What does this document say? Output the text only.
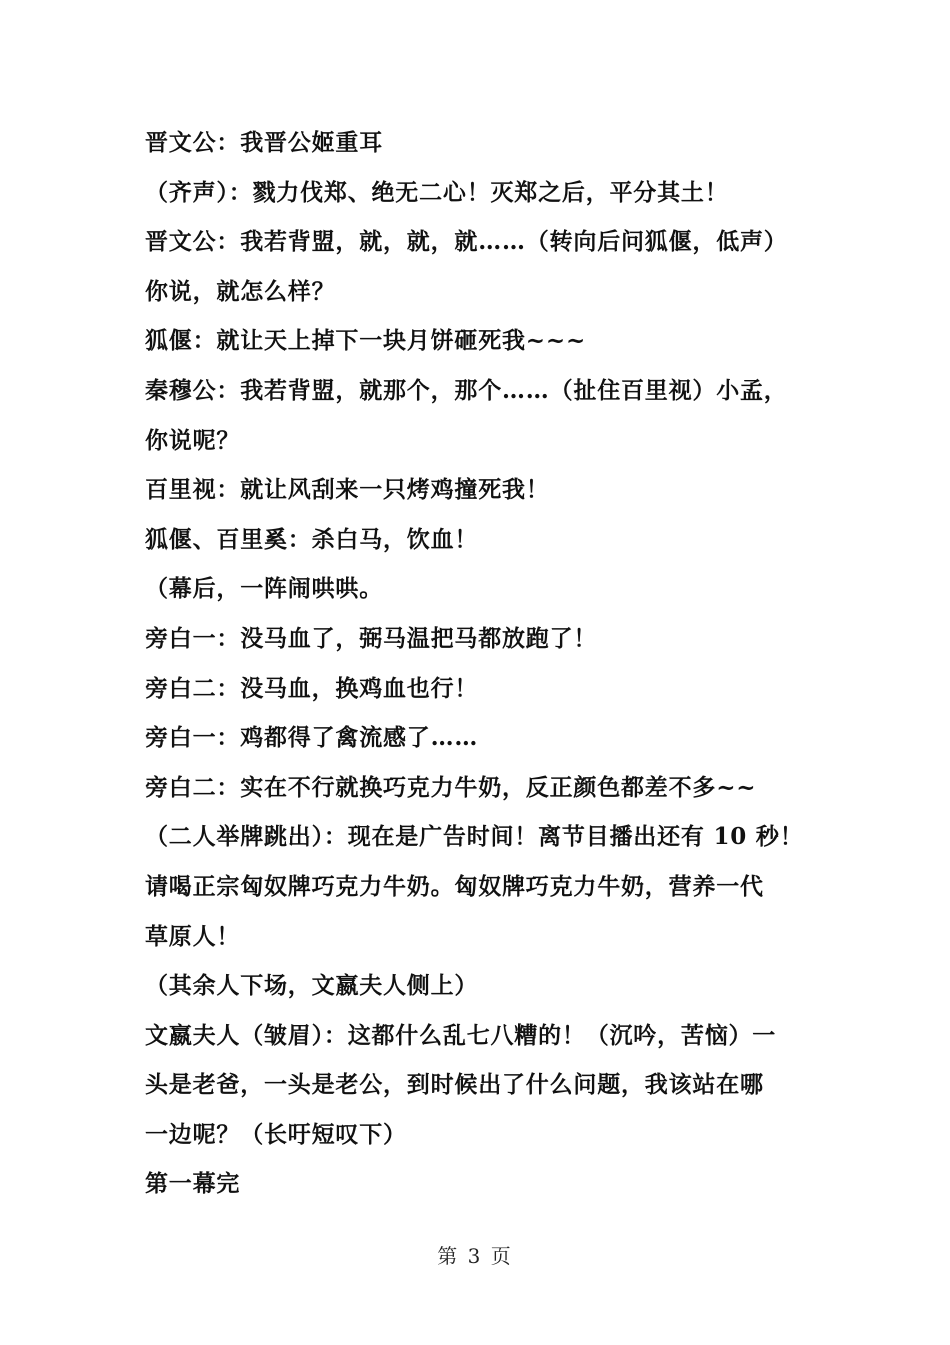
晋文公：我晋公姬重耳
（齐声）：戮力伐郑、绝无二心！灭郑之后，平分其土！
晋文公：我若背盟，就，就，就……（转向后问狐偃，低声）
你说，就怎么样？
狐偃：就让天上掉下一块月饼砸死我~~~
秦穆公：我若背盟，就那个，那个……（扯住百里视）小孟，
你说呢？
百里视：就让风刮来一只烤鸡撞死我！
狐偃、百里奚：杀白马，饮血！
（幕后，一阵闹哄哄。
旁白一：没马血了，弼马温把马都放跑了！
旁白二：没马血，换鸡血也行！
旁白一：鸡都得了禽流感了……
旁白二：实在不行就换巧克力牛奶，反正颜色都差不多~~
（二人举牌跳出）：现在是广告时间！离节目播出还有 10 秒！
请喝正宗匈奴牌巧克力牛奶。匈奴牌巧克力牛奶，营养一代
草原人！
（其余人下场，文嬴夫人侧上）
文嬴夫人（皱眉）：这都什么乱七八糟的！（沉吟，苦恼）一
头是老爸，一头是老公，到时候出了什么问题，我该站在哪
一边呢？（长吁短叹下）
第一幕完
第 3 页
